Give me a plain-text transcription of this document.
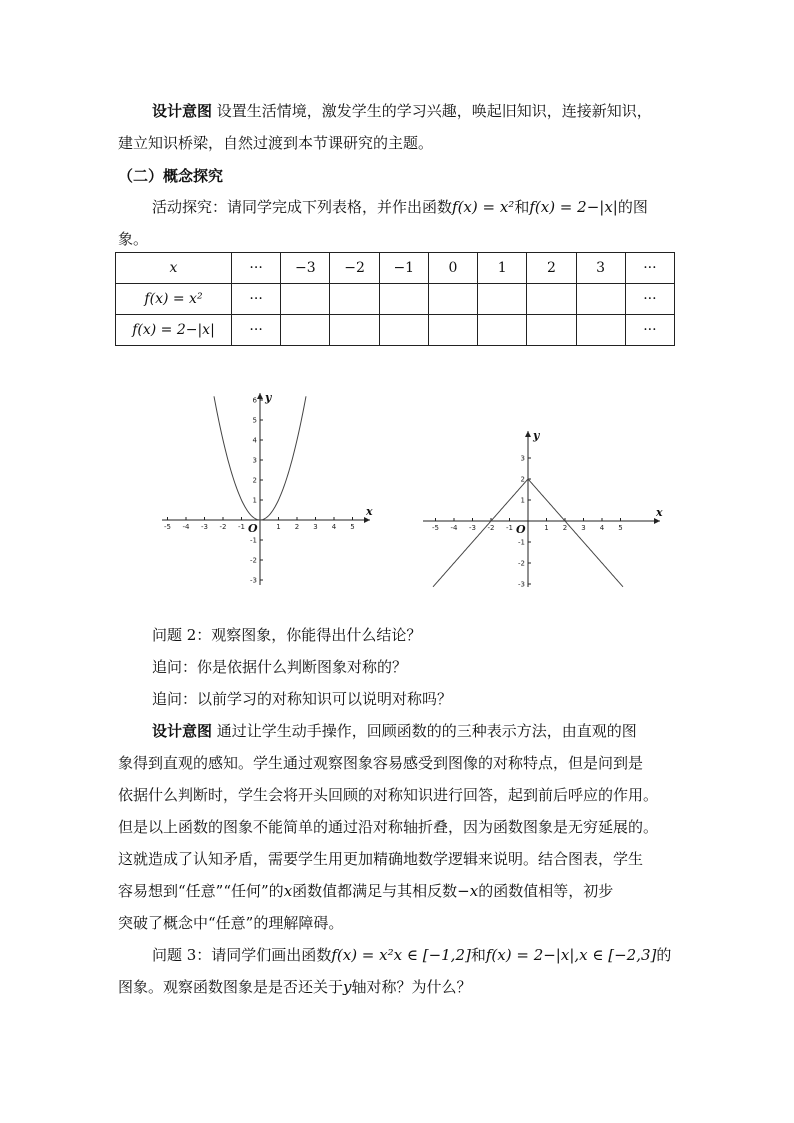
设计意图 设置生活情境，激发学生的学习兴趣，唤起旧知识，连接新知识，
建立知识桥梁，自然过渡到本节课研究的主题。
（二）概念探究
活动探究：请同学完成下列表格，并作出函数f(x) = x²和f(x) = 2−|x|的图
象。
x	···	−3	−2	−1	0	1	2	3	···
f(x) = x²	···								···
f(x) = 2−|x|	···								···
-5 -4 -3 -2 -1	1 2 3 4 5
6
5
4
3
2
1
-1
-2
-3
x
y
O	-5 -4 -3 -2 -1	1 2 3 4 5
3
2
1
-1
-2
-3
x
y
O
问题 2：观察图象，你能得出什么结论？
追问：你是依据什么判断图象对称的？
追问：以前学习的对称知识可以说明对称吗？
设计意图 通过让学生动手操作，回顾函数的的三种表示方法，由直观的图
象得到直观的感知。学生通过观察图象容易感受到图像的对称特点，但是问到是
依据什么判断时，学生会将开头回顾的对称知识进行回答，起到前后呼应的作用。
但是以上函数的图象不能简单的通过沿对称轴折叠，因为函数图象是无穷延展的。
这就造成了认知矛盾，需要学生用更加精确地数学逻辑来说明。结合图表，学生
容易想到“任意”“任何”的x函数值都满足与其相反数−x的函数值相等，初步
突破了概念中“任意”的理解障碍。
问题 3：请同学们画出函数f(x) = x²x ∈ [−1,2]和f(x) = 2−|x|,x ∈ [−2,3]的
图象。观察函数图象是是否还关于y轴对称？为什么？
